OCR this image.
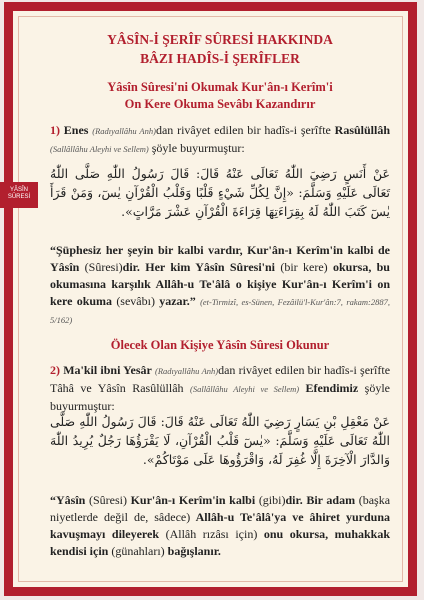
YÂSÎN
SÛRESİ
YÂSÎN-İ ŞERÎF SÛRESİ HAKKINDA
BÂZI HADÎS-İ ŞERÎFLER
Yâsîn Sûresi'ni Okumak Kur'ân-ı Kerîm'i
On Kere Okuma Sevâbı Kazandırır
1) Enes (Radıyallâhu Anh)dan rivâyet edilen bir hadîs-i şerîfte Rasûlüllâh (Sallâllâhu Aleyhi ve Sellem) şöyle buyurmuştur:
عَنْ أَنَسٍ رَضِيَ اللّٰهُ تَعَالَى عَنْهُ قَالَ: قَالَ رَسُولُ اللّٰهِ صَلَّى اللّٰهُ تَعَالَى عَلَيْهِ وَسَلَّمَ: «إِنَّ لِكُلِّ شَيْءٍ قَلْبًا وَقَلْبُ الْقُرْآنِ يٰسٓ، وَمَنْ قَرَأَ يٰسٓ كَتَبَ اللّٰهُ لَهُ بِقِرَاءَتِهَا قِرَاءَةَ الْقُرْآنِ عَشْرَ مَرَّاتٍ».
“Şüphesiz her şeyin bir kalbi vardır, Kur'ân-ı Kerîm'in kalbi de Yâsîn (Sûresi)dir. Her kim Yâsîn Sûresi'ni (bir kere) okursa, bu okumasına karşılık Allâh-u Te'âlâ o kişiye Kur'ân-ı Kerîm'i on kere okuma (sevâbı) yazar.” (et-Tirmizî, es-Sünen, Fezâilü'l-Kur'ân:7, rakam:2887, 5/162)
Ölecek Olan Kişiye Yâsîn Sûresi Okunur
2) Ma'kil ibni Yesâr (Radıyallâhu Anh)dan rivâyet edilen bir hadîs-i şerîfte Tâhâ ve Yâsîn Rasûlüllâh (Sallâllâhu Aleyhi ve Sellem) Efendimiz şöyle buyurmuştur:
عَنْ مَعْقِلِ بْنِ يَسَارٍ رَضِيَ اللّٰهُ تَعَالَى عَنْهُ قَالَ: قَالَ رَسُولُ اللّٰهِ صَلَّى اللّٰهُ تَعَالَى عَلَيْهِ وَسَلَّمَ: «يٰسٓ قَلْبُ الْقُرْآنِ، لَا يَقْرَؤُهَا رَجُلٌ يُرِيدُ اللّٰهَ وَالدَّارَ الْآخِرَةَ إِلَّا غُفِرَ لَهُ، وَاقْرَؤُوهَا عَلَى مَوْتَاكُمْ».
“Yâsîn (Sûresi) Kur'ân-ı Kerîm'in kalbi (gibi)dir. Bir adam (başka niyetlerde değil de, sâdece) Allâh-u Te'âlâ'ya ve âhiret yurduna kavuşmayı dileyerek (Allâh rızâsı için) onu okursa, muhakkak kendisi için (günahları) bağışlanır.
